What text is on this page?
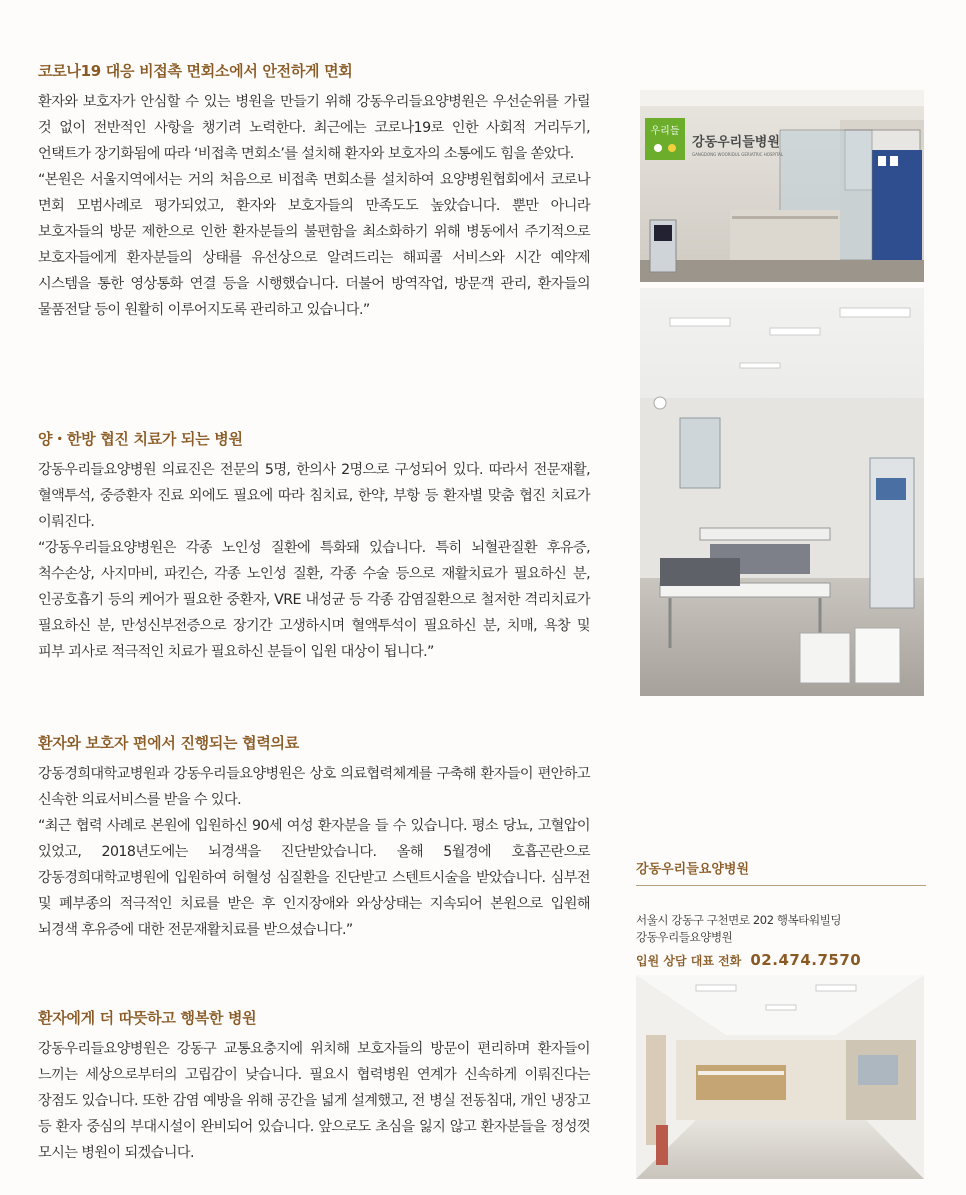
코로나19 대응 비접촉 면회소에서 안전하게 면회

환자와 보호자가 안심할 수 있는 병원을 만들기 위해 강동우리들요양병원은 우선순위를 가릴 것 없이 전반적인 사항을 챙기려 노력한다. 최근에는 코로나19로 인한 사회적 거리두기, 언택트가 장기화됨에 따라 ‘비접촉 면회소’를 설치해 환자와 보호자의 소통에도 힘을 쏟았다.

“본원은 서울지역에서는 거의 처음으로 비접촉 면회소를 설치하여 요양병원협회에서 코로나 면회 모범사례로 평가되었고, 환자와 보호자들의 만족도도 높았습니다. 뿐만 아니라 보호자들의 방문 제한으로 인한 환자분들의 불편함을 최소화하기 위해 병동에서 주기적으로 보호자들에게 환자분들의 상태를 유선상으로 알려드리는 해피콜 서비스와 시간 예약제 시스템을 통한 영상통화 연결 등을 시행했습니다. 더불어 방역작업, 방문객 관리, 환자들의 물품전달 등이 원활히 이루어지도록 관리하고 있습니다.”

양・한방 협진 치료가 되는 병원

강동우리들요양병원 의료진은 전문의 5명, 한의사 2명으로 구성되어 있다. 따라서 전문재활, 혈액투석, 중증환자 진료 외에도 필요에 따라 침치료, 한약, 부항 등 환자별 맞춤 협진 치료가 이뤄진다.

“강동우리들요양병원은 각종 노인성 질환에 특화돼 있습니다. 특히 뇌혈관질환 후유증, 척수손상, 사지마비, 파킨슨, 각종 노인성 질환, 각종 수술 등으로 재활치료가 필요하신 분, 인공호흡기 등의 케어가 필요한 중환자, VRE 내성균 등 각종 감염질환으로 철저한 격리치료가 필요하신 분, 만성신부전증으로 장기간 고생하시며 혈액투석이 필요하신 분, 치매, 욕창 및 피부 괴사로 적극적인 치료가 필요하신 분들이 입원 대상이 됩니다.”

환자와 보호자 편에서 진행되는 협력의료

강동경희대학교병원과 강동우리들요양병원은 상호 의료협력체계를 구축해 환자들이 편안하고 신속한 의료서비스를 받을 수 있다.

“최근 협력 사례로 본원에 입원하신 90세 여성 환자분을 들 수 있습니다. 평소 당뇨, 고혈압이 있었고, 2018년도에는 뇌경색을 진단받았습니다. 올해 5월경에 호흡곤란으로 강동경희대학교병원에 입원하여 허혈성 심질환을 진단받고 스텐트시술을 받았습니다. 심부전 및 폐부종의 적극적인 치료를 받은 후 인지장애와 와상상태는 지속되어 본원으로 입원해 뇌경색 후유증에 대한 전문재활치료를 받으셨습니다.”

환자에게 더 따뜻하고 행복한 병원

강동우리들요양병원은 강동구 교통요충지에 위치해 보호자들의 방문이 편리하며 환자들이 느끼는 세상으로부터의 고립감이 낮습니다. 필요시 협력병원 연계가 신속하게 이뤄진다는 장점도 있습니다. 또한 감염 예방을 위해 공간을 넓게 설계했고, 전 병실 전동침대, 개인 냉장고 등 환자 중심의 부대시설이 완비되어 있습니다. 앞으로도 초심을 잃지 않고 환자분들을 정성껏 모시는 병원이 되겠습니다.

우리들
강동우리들병원
GANGDONG WOORIDUL GERIATRIC HOSPITAL
강동우리들요양병원
서울시 강동구 구천면로 202 행복타워빌딩
강동우리들요양병원
입원 상담 대표 전화 02.474.7570
